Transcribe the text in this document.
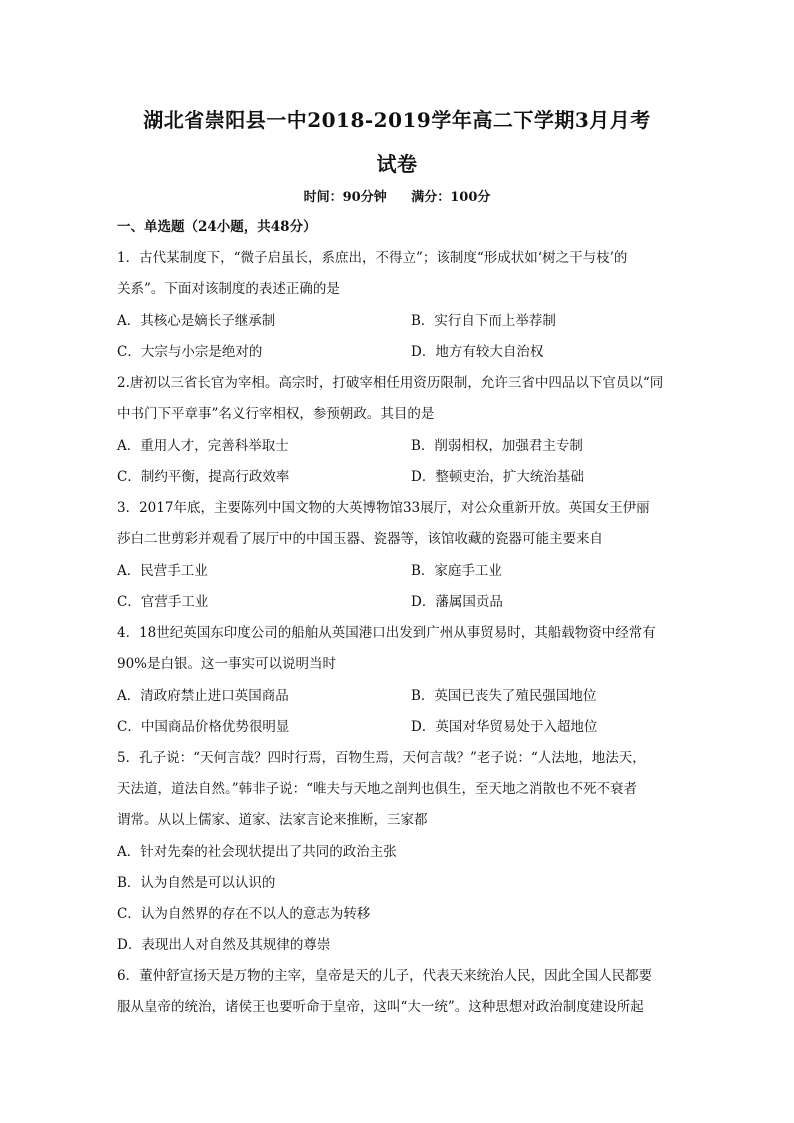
湖北省崇阳县一中2018-2019学年高二下学期3月月考
试卷
时间：90分钟 满分：100分
一、单选题（24小题，共48分）
1．古代某制度下，“微子启虽长，系庶出，不得立”；该制度“形成状如‘树之干与枝’的
关系”。下面对该制度的表述正确的是
A．其核心是嫡长子继承制	B．实行自下而上举荐制
C．大宗与小宗是绝对的	D．地方有较大自治权
2.唐初以三省长官为宰相。高宗时，打破宰相任用资历限制，允许三省中四品以下官员以“同
中书门下平章事”名义行宰相权，参预朝政。其目的是
A．重用人才，完善科举取士	B．削弱相权，加强君主专制
C．制约平衡，提高行政效率	D．整顿吏治，扩大统治基础
3．2017年底，主要陈列中国文物的大英博物馆33展厅，对公众重新开放。英国女王伊丽
莎白二世剪彩并观看了展厅中的中国玉器、瓷器等，该馆收藏的瓷器可能主要来自
A．民营手工业	B．家庭手工业
C．官营手工业	D．藩属国贡品
4．18世纪英国东印度公司的船舶从英国港口出发到广州从事贸易时，其船载物资中经常有
90%是白银。这一事实可以说明当时
A．清政府禁止进口英国商品	B．英国已丧失了殖民强国地位
C．中国商品价格优势很明显	D．英国对华贸易处于入超地位
5．孔子说：“天何言哉？四时行焉，百物生焉，天何言哉？”老子说：“人法地，地法天，
天法道，道法自然。”韩非子说：“唯夫与天地之剖判也俱生，至天地之消散也不死不衰者
谓常。从以上儒家、道家、法家言论来推断，三家都
A．针对先秦的社会现状提出了共同的政治主张
B．认为自然是可以认识的
C．认为自然界的存在不以人的意志为转移
D．表现出人对自然及其规律的尊崇
6．董仲舒宣扬天是万物的主宰，皇帝是天的儿子，代表天来统治人民，因此全国人民都要
服从皇帝的统治，诸侯王也要听命于皇帝，这叫“大一统”。这种思想对政治制度建设所起
